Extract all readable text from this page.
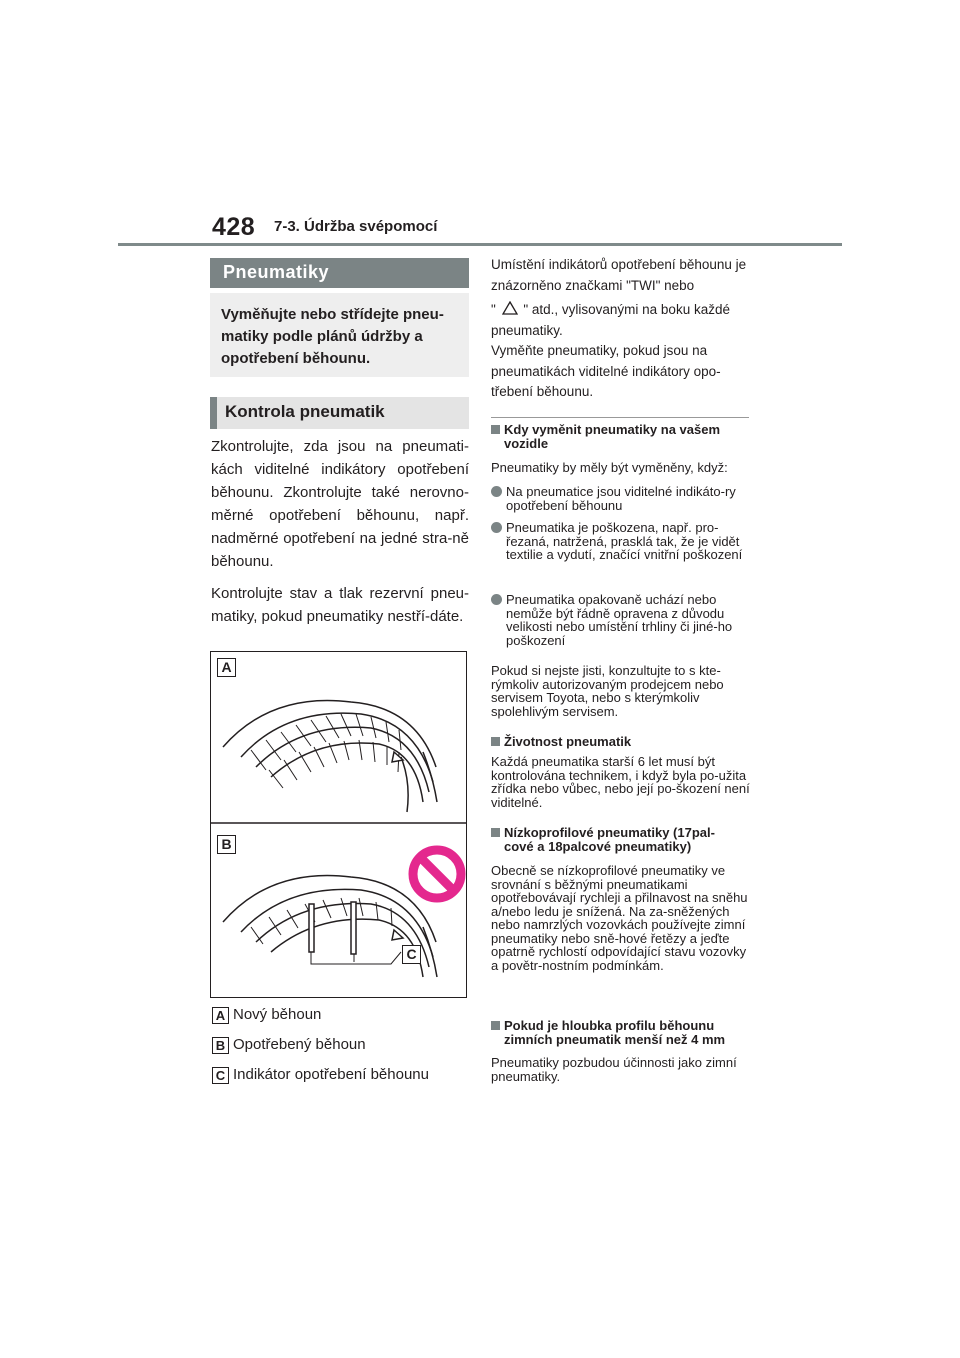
428 7-3. Údržba svépomocí
Pneumatiky
Vyměňujte nebo střídejte pneu-matiky podle plánů údržby a opotřebení běhounu.
Kontrola pneumatik

Zkontrolujte, zda jsou na pneumati-kách viditelné indikátory opotřebení běhounu. Zkontrolujte také nerovno-měrné opotřebení běhounu, např. nadměrné opotřebení na jedné stra-ně běhounu.

Kontrolujte stav a tlak rezervní pneu-matiky, pokud pneumatiky nestří-dáte.

A
B
C
A Nový běhoun
B Opotřebený běhoun
C Indikátor opotřebení běhounu
Umístění indikátorů opotřebení běhounu je znázorněno značkami "TWI" nebo
" " atd., vylisovanými na boku každé pneumatiky.
Vyměňte pneumatiky, pokud jsou na pneumatikách viditelné indikátory opo-třebení běhounu.
Kdy vyměnit pneumatiky na vašem vozidle
Pneumatiky by měly být vyměněny, když:
Na pneumatice jsou viditelné indikáto-ry opotřebení běhounu
Pneumatika je poškozena, např. pro-řezaná, natržená, prasklá tak, že je vidět textilie a vydutí, značící vnitřní poškození
Pneumatika opakovaně uchází nebo nemůže být řádně opravena z důvodu velikosti nebo umístění trhliny či jiné-ho poškození
Pokud si nejste jisti, konzultujte to s kte-rýmkoliv autorizovaným prodejcem nebo servisem Toyota, nebo s kterýmkoliv spolehlivým servisem.
Životnost pneumatik
Každá pneumatika starší 6 let musí být kontrolována technikem, i když byla po-užita zřídka nebo vůbec, nebo její po-škození není viditelné.
Nízkoprofilové pneumatiky (17pal-cové a 18palcové pneumatiky)
Obecně se nízkoprofilové pneumatiky ve srovnání s běžnými pneumatikami opotřebovávají rychleji a přilnavost na sněhu a/nebo ledu je snížená. Na za-sněžených nebo namrzlých vozovkách používejte zimní pneumatiky nebo sně-hové řetězy a jeďte opatrně rychlostí odpovídající stavu vozovky a povětr-nostním podmínkám.
Pokud je hloubka profilu běhounu zimních pneumatik menší než 4 mm
Pneumatiky pozbudou účinnosti jako zimní pneumatiky.
